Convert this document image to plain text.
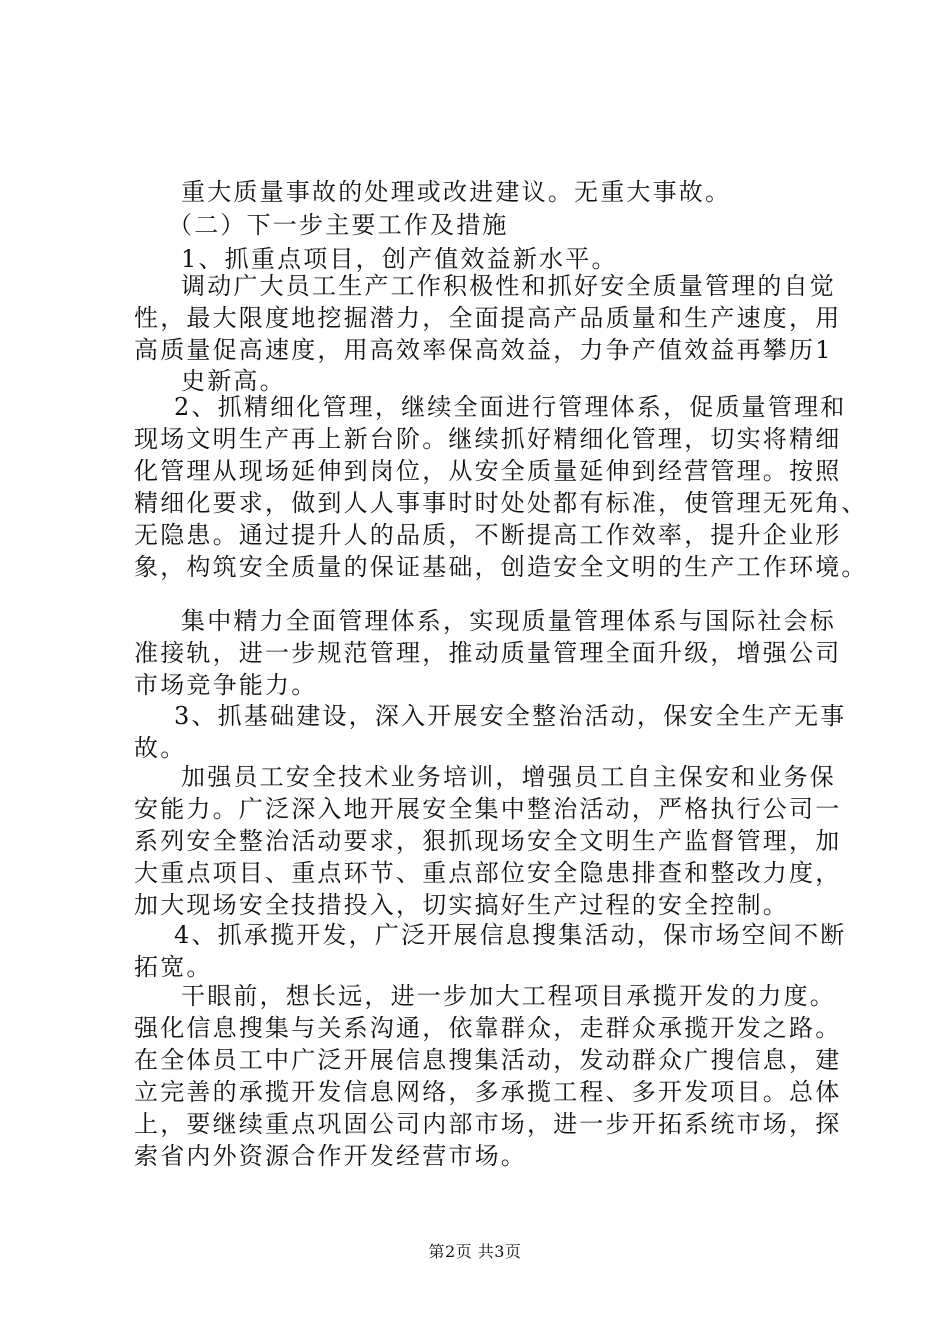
重大质量事故的处理或改进建议。无重大事故。
（二）下一步主要工作及措施
1、抓重点项目，创产值效益新水平。
调动广大员工生产工作积极性和抓好安全质量管理的自觉
性，最大限度地挖掘潜力，全面提高产品质量和生产速度，用
高质量促高速度，用高效率保高效益，力争产值效益再攀历1
史新高。
2、抓精细化管理，继续全面进行管理体系，促质量管理和
现场文明生产再上新台阶。继续抓好精细化管理，切实将精细
化管理从现场延伸到岗位，从安全质量延伸到经营管理。按照
精细化要求，做到人人事事时时处处都有标准，使管理无死角、
无隐患。通过提升人的品质，不断提高工作效率，提升企业形
象，构筑安全质量的保证基础，创造安全文明的生产工作环境。
集中精力全面管理体系，实现质量管理体系与国际社会标
准接轨，进一步规范管理，推动质量管理全面升级，增强公司
市场竞争能力。
3、抓基础建设，深入开展安全整治活动，保安全生产无事
故。
加强员工安全技术业务培训，增强员工自主保安和业务保
安能力。广泛深入地开展安全集中整治活动，严格执行公司一
系列安全整治活动要求，狠抓现场安全文明生产监督管理，加
大重点项目、重点环节、重点部位安全隐患排查和整改力度，
加大现场安全技措投入，切实搞好生产过程的安全控制。
4、抓承揽开发，广泛开展信息搜集活动，保市场空间不断
拓宽。
干眼前，想长远，进一步加大工程项目承揽开发的力度。
强化信息搜集与关系沟通，依靠群众，走群众承揽开发之路。
在全体员工中广泛开展信息搜集活动，发动群众广搜信息，建
立完善的承揽开发信息网络，多承揽工程、多开发项目。总体
上，要继续重点巩固公司内部市场，进一步开拓系统市场，探
索省内外资源合作开发经营市场。
第2页 共3页
